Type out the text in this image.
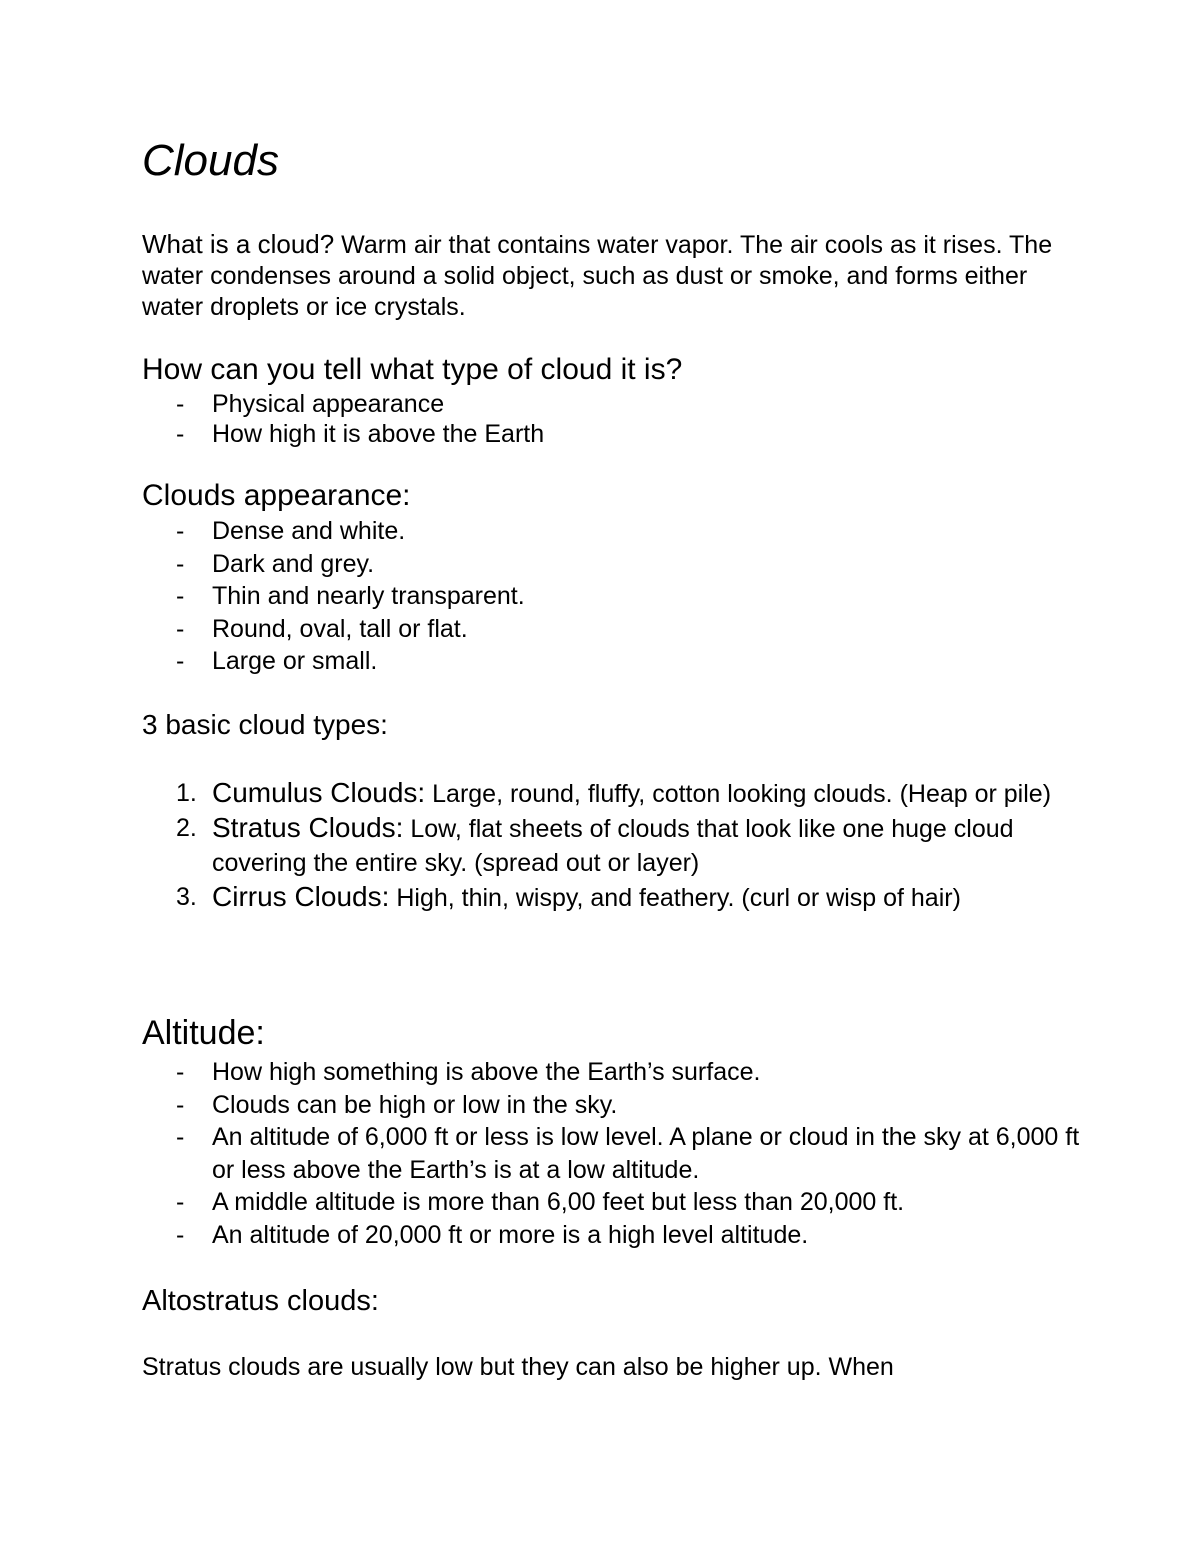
Clouds

What is a cloud? Warm air that contains water vapor. The air cools as it rises. The water condenses around a solid object, such as dust or smoke, and forms either water droplets or ice crystals.

How can you tell what type of cloud it is?
- Physical appearance
- How high it is above the Earth
Clouds appearance:
- Dense and white.
- Dark and grey.
- Thin and nearly transparent.
- Round, oval, tall or flat.
- Large or small.
3 basic cloud types:
1. Cumulus Clouds: Large, round, fluffy, cotton looking clouds. (Heap or pile)
2. Stratus Clouds: Low, flat sheets of clouds that look like one huge cloud covering the entire sky. (spread out or layer)
3. Cirrus Clouds: High, thin, wispy, and feathery. (curl or wisp of hair)
Altitude:
- How high something is above the Earth’s surface.
- Clouds can be high or low in the sky.
- An altitude of 6,000 ft or less is low level. A plane or cloud in the sky at 6,000 ft or less above the Earth’s is at a low altitude.
- A middle altitude is more than 6,00 feet but less than 20,000 ft.
- An altitude of 20,000 ft or more is a high level altitude.
Altostratus clouds:

Stratus clouds are usually low but they can also be higher up. When
